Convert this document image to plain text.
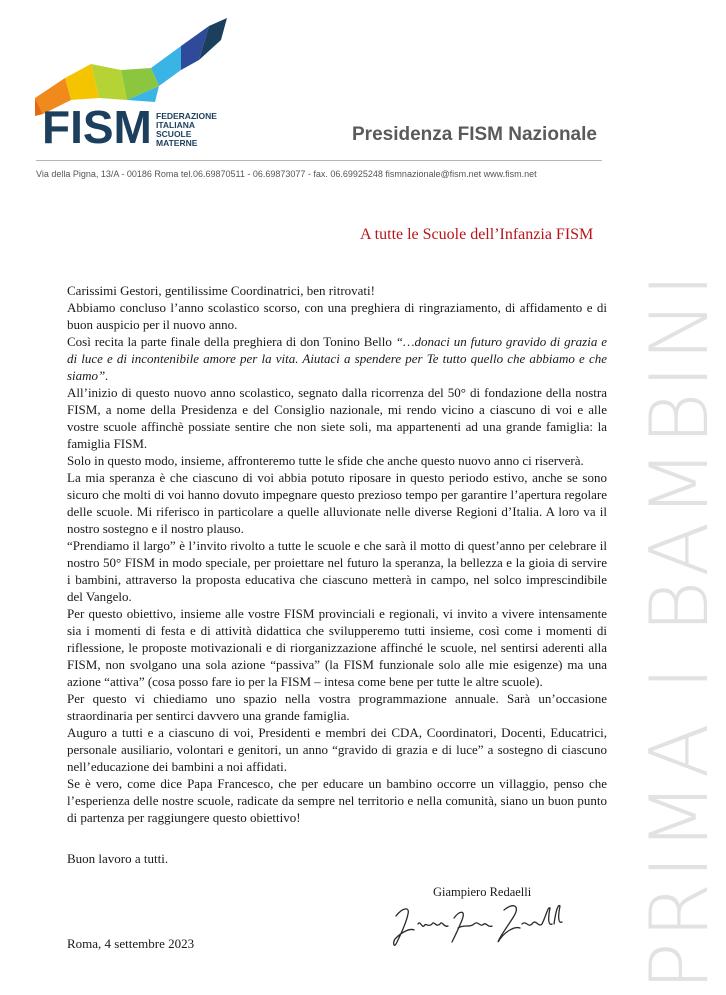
FISM FEDERAZIONE
ITALIANA
SCUOLE
MATERNE	Presidenza FISM Nazionale
Via della Pigna, 13/A - 00186 Roma tel.06.69870511 - 06.69873077 - fax. 06.69925248 fismnazionale@fism.net www.fism.net
PRIMA I BAMBINI
A tutte le Scuole dell’Infanzia FISM

Carissimi Gestori, gentilissime Coordinatrici, ben ritrovati!

Abbiamo concluso l’anno scolastico scorso, con una preghiera di ringraziamento, di affidamento e di buon auspicio per il nuovo anno.

Così recita la parte finale della preghiera di don Tonino Bello “…donaci un futuro gravido di grazia e di luce e di incontenibile amore per la vita. Aiutaci a spendere per Te tutto quello che abbiamo e che siamo”.

All’inizio di questo nuovo anno scolastico, segnato dalla ricorrenza del 50° di fondazione della nostra FISM, a nome della Presidenza e del Consiglio nazionale, mi rendo vicino a ciascuno di voi e alle vostre scuole affinchè possiate sentire che non siete soli, ma appartenenti ad una grande famiglia: la famiglia FISM.

Solo in questo modo, insieme, affronteremo tutte le sfide che anche questo nuovo anno ci riserverà.

La mia speranza è che ciascuno di voi abbia potuto riposare in questo periodo estivo, anche se sono sicuro che molti di voi hanno dovuto impegnare questo prezioso tempo per garantire l’apertura regolare delle scuole. Mi riferisco in particolare a quelle alluvionate nelle diverse Regioni d’Italia. A loro va il nostro sostegno e il nostro plauso.

“Prendiamo il largo” è l’invito rivolto a tutte le scuole e che sarà il motto di quest’anno per celebrare il nostro 50° FISM in modo speciale, per proiettare nel futuro la speranza, la bellezza e la gioia di servire i bambini, attraverso la proposta educativa che ciascuno metterà in campo, nel solco imprescindibile del Vangelo.

Per questo obiettivo, insieme alle vostre FISM provinciali e regionali, vi invito a vivere intensamente sia i momenti di festa e di attività didattica che svilupperemo tutti insieme, così come i momenti di riflessione, le proposte motivazionali e di riorganizzazione affinché le scuole, nel sentirsi aderenti alla FISM, non svolgano una sola azione “passiva” (la FISM funzionale solo alle mie esigenze) ma una azione “attiva” (cosa posso fare io per la FISM – intesa come bene per tutte le altre scuole).

Per questo vi chiediamo uno spazio nella vostra programmazione annuale. Sarà un’occasione straordinaria per sentirci davvero una grande famiglia.

Auguro a tutti e a ciascuno di voi, Presidenti e membri dei CDA, Coordinatori, Docenti, Educatrici, personale ausiliario, volontari e genitori, un anno “gravido di grazia e di luce” a sostegno di ciascuno nell’educazione dei bambini a noi affidati.

Se è vero, come dice Papa Francesco, che per educare un bambino occorre un villaggio, penso che l’esperienza delle nostre scuole, radicate da sempre nel territorio e nella comunità, siano un buon punto di partenza per raggiungere questo obiettivo!

Buon lavoro a tutti.
Giampiero Redaelli
Roma, 4 settembre 2023
